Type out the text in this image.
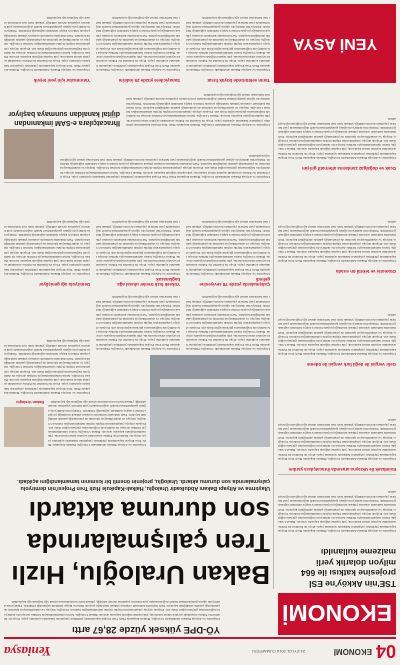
04
EKONOMİ
24 EYLÜL 2016 CUMARTESİ
Yeniasya
EKONOMİ
YÖ-DPE yüksek yüzde 28,67 arttı
Ulaştırma ve Altyapı Bakanı Abdulkadir Uraloğlu, Halkalı-Kapıkule Hızlı Tren Projesi kapsamında yürütülen çalışmalar hakkında açıklama yaptı. Proje ile İstanbul ile Edirne arasındaki seyahat süresi kısalacak, yük taşımacılığında kapasite artacak. Bakan Uraloğlu, hattın tamamlanmasıyla birlikte Avrupa ile demiryolu bağlantısının güçleneceğini ifade etti. Projede altyapı çalışmalarının büyük ölçüde tamamlandığını belirten Uraloğlu, üstyapı ve elektrifikasyon işlerinin de planlandığı şekilde sürdüğünü kaydetti. Yerli malzeme kullanım oranının yüksek tutulduğu projede binlerce kişiye istihdam sağlandığı bildirildi. Türkiye'nin demiryolu ağının genişletilmesi hedefi doğrultusunda yeni hatların yapımına devam edildiği, yüksek hızlı tren hatlarının ulusal ağa bağlanacağı kaydedildi.
TSE'nin Akköy'ne ESİ projesine katkısı ile 664 milyon dolarlık yerli malzeme kullanıldı
Ulaştırma ve Altyapı Bakanı Abdulkadir Uraloğlu, Halkalı-Kapıkule Hızlı Tren Projesi kapsamında yürütülen çalışmalar hakkında açıklama yaptı. Proje ile İstanbul ile Edirne arasındaki seyahat süresi kısalacak, yük taşımacılığında kapasite artacak. Bakan Uraloğlu, hattın tamamlanmasıyla birlikte Avrupa ile demiryolu bağlantısının güçleneceğini ifade etti. Projede altyapı çalışmalarının büyük ölçüde tamamlandığını belirten Uraloğlu, üstyapı ve elektrifikasyon işlerinin de planlandığı şekilde sürdüğünü kaydetti. Yerli malzeme kullanım oranının yüksek tutulduğu projede binlerce kişiye istihdam sağlandığı bildirildi. Türkiye'nin demiryolu ağının genişletilmesi hedefi doğrultusunda yeni hatların yapımına devam edildiği, yüksek hızlı tren hatlarının ulusal ağa bağlanacağı kaydedildi.
Eximbank ile Ukrayna arasında ihracatçılara yardım
Ulaştırma ve Altyapı Bakanı Abdulkadir Uraloğlu, Halkalı-Kapıkule Hızlı Tren Projesi kapsamında yürütülen çalışmalar hakkında açıklama yaptı. Proje ile İstanbul ile Edirne arasındaki seyahat süresi kısalacak, yük taşımacılığında kapasite artacak. Bakan Uraloğlu, hattın tamamlanmasıyla birlikte Avrupa ile demiryolu bağlantısının güçleneceğini ifade etti. Projede altyapı çalışmalarının büyük ölçüde tamamlandığını belirten Uraloğlu, üstyapı ve elektrifikasyon işlerinin de planlandığı şekilde sürdüğünü kaydetti. Yerli malzeme kullanım oranının yüksek tutulduğu projede binlerce kişiye istihdam sağlandığı bildirildi. Türkiye'nin demiryolu ağının genişletilmesi hedefi doğrultusunda yeni hatların yapımına devam edildiği, yüksek hızlı tren hatlarının ulusal ağa bağlanacağı kaydedildi.
Gelir vergisi ile değil fark vergisi ile ödeme
Ulaştırma ve Altyapı Bakanı Abdulkadir Uraloğlu, Halkalı-Kapıkule Hızlı Tren Projesi kapsamında yürütülen çalışmalar hakkında açıklama yaptı. Proje ile İstanbul ile Edirne arasındaki seyahat süresi kısalacak, yük taşımacılığında kapasite artacak. Bakan Uraloğlu, hattın tamamlanmasıyla birlikte Avrupa ile demiryolu bağlantısının güçleneceğini ifade etti. Projede altyapı çalışmalarının büyük ölçüde tamamlandığını belirten Uraloğlu, üstyapı ve elektrifikasyon işlerinin de planlandığı şekilde sürdüğünü kaydetti. Yerli malzeme kullanım oranının yüksek tutulduğu projede binlerce kişiye istihdam sağlandığı bildirildi. Türkiye'nin demiryolu ağının genişletilmesi hedefi doğrultusunda yeni hatların yapımına devam edildiği, yüksek hızlı tren hatlarının ulusal ağa bağlanacağı kaydedildi.
Otomotiv ve tekstil ön sırada
Ulaştırma ve Altyapı Bakanı Abdulkadir Uraloğlu, Halkalı-Kapıkule Hızlı Tren Projesi kapsamında yürütülen çalışmalar hakkında açıklama yaptı. Proje ile İstanbul ile Edirne arasındaki seyahat süresi kısalacak, yük taşımacılığında kapasite artacak. Bakan Uraloğlu, hattın tamamlanmasıyla birlikte Avrupa ile demiryolu bağlantısının güçleneceğini ifade etti. Projede altyapı çalışmalarının büyük ölçüde tamamlandığını belirten Uraloğlu, üstyapı ve elektrifikasyon işlerinin de planlandığı şekilde sürdüğünü kaydetti. Yerli malzeme kullanım oranının yüksek tutulduğu projede binlerce kişiye istihdam sağlandığı bildirildi. Türkiye'nin demiryolu ağının genişletilmesi hedefi doğrultusunda yeni hatların yapımına devam edildiği, yüksek hızlı tren hatlarının ulusal ağa bağlanacağı kaydedildi.
Ocak ve doğalgaz zamlarına alternatif girişim
Ulaştırma ve Altyapı Bakanı Abdulkadir Uraloğlu, Halkalı-Kapıkule Hızlı Tren Projesi kapsamında yürütülen çalışmalar hakkında açıklama yaptı. Proje ile İstanbul ile Edirne arasındaki seyahat süresi kısalacak, yük taşımacılığında kapasite artacak. Bakan Uraloğlu, hattın tamamlanmasıyla birlikte Avrupa ile demiryolu bağlantısının güçleneceğini ifade etti. Projede altyapı çalışmalarının büyük ölçüde tamamlandığını belirten Uraloğlu, üstyapı ve elektrifikasyon işlerinin de planlandığı şekilde sürdüğünü kaydetti. Yerli malzeme kullanım oranının yüksek tutulduğu projede binlerce kişiye istihdam sağlandığı bildirildi. Türkiye'nin demiryolu ağının genişletilmesi hedefi doğrultusunda yeni hatların yapımına devam edildiği, yüksek hızlı tren hatlarının ulusal ağa bağlanacağı kaydedildi.
Bakan Uraloğlu, Hızlı
Tren çalışmalarında
son duruma aktardı
Ulaştırma ve Altyapı Bakanı Abdulkadir Uraloğlu, Halkalı-Kapıkule Hızlı Tren Projesi'nin demiryolu çalışmalarında son durumu aktardı. Uraloğlu, projenin önemli bir kısmının tamamlandığını açıkladı.
Bakan Uraloğlu
Ulaştırma ve Altyapı Bakanı Abdulkadir Uraloğlu, Halkalı-Kapıkule Hızlı Tren Projesi kapsamında yürütülen çalışmalar hakkında açıklama yaptı. Proje ile İstanbul ile Edirne arasındaki seyahat süresi kısalacak, yük taşımacılığında kapasite artacak. Bakan Uraloğlu, hattın tamamlanmasıyla birlikte Avrupa ile demiryolu bağlantısının güçleneceğini ifade etti. Projede altyapı çalışmalarının büyük ölçüde tamamlandığını belirten Uraloğlu, üstyapı ve elektrifikasyon işlerinin de planlandığı şekilde sürdüğünü kaydetti. Yerli malzeme kullanım oranının yüksek tutulduğu projede binlerce kişiye istihdam sağlandığı bildirildi. Türkiye'nin demiryolu ağının genişletilmesi hedefi doğrultusunda yeni hatların yapımına devam edildiği, yüksek hızlı tren hatlarının ulusal ağa bağlanacağı kaydedildi.
Ulaştırma ve Altyapı Bakanı Abdulkadir Uraloğlu, Halkalı-Kapıkule Hızlı Tren Projesi kapsamında yürütülen çalışmalar hakkında açıklama yaptı. Proje ile İstanbul ile Edirne arasındaki seyahat süresi kısalacak, yük taşımacılığında kapasite artacak. Bakan Uraloğlu, hattın tamamlanmasıyla birlikte Avrupa ile demiryolu bağlantısının güçleneceğini ifade etti. Projede altyapı çalışmalarının büyük ölçüde tamamlandığını belirten Uraloğlu, üstyapı ve elektrifikasyon işlerinin de planlandığı şekilde sürdüğünü kaydetti. Yerli malzeme kullanım oranının yüksek tutulduğu projede binlerce kişiye istihdam sağlandığı bildirildi. Türkiye'nin demiryolu ağının genişletilmesi hedefi doğrultusunda yeni hatların yapımına devam edildiği, yüksek hızlı tren hatlarının ulusal ağa bağlanacağı kaydedildi.
Ulaştırma ve Altyapı Bakanı Abdulkadir Uraloğlu, Halkalı-Kapıkule Hızlı Tren Projesi kapsamında yürütülen çalışmalar hakkında açıklama yaptı. Proje ile İstanbul ile Edirne arasındaki seyahat süresi kısalacak, yük taşımacılığında kapasite artacak. Bakan Uraloğlu, hattın tamamlanmasıyla birlikte Avrupa ile demiryolu bağlantısının güçleneceğini ifade etti. Projede altyapı çalışmalarının büyük ölçüde tamamlandığını belirten Uraloğlu, üstyapı ve elektrifikasyon işlerinin de planlandığı şekilde sürdüğünü kaydetti. Yerli malzeme kullanım oranının yüksek tutulduğu projede binlerce kişiye istihdam sağlandığı bildirildi. Türkiye'nin demiryolu ağının genişletilmesi hedefi doğrultusunda yeni hatların yapımına devam edildiği, yüksek hızlı tren hatlarının ulusal ağa bağlanacağı kaydedildi.
Ulaştırma ve Altyapı Bakanı Abdulkadir Uraloğlu, Halkalı-Kapıkule Hızlı Tren Projesi kapsamında yürütülen çalışmalar hakkında açıklama yaptı. Proje ile İstanbul ile Edirne arasındaki seyahat süresi kısalacak, yük taşımacılığında kapasite artacak. Bakan Uraloğlu, hattın tamamlanmasıyla birlikte Avrupa ile demiryolu bağlantısının güçleneceğini ifade etti. Projede altyapı çalışmalarının büyük ölçüde tamamlandığını belirten Uraloğlu, üstyapı ve elektrifikasyon işlerinin de planlandığı şekilde sürdüğünü kaydetti. Yerli malzeme kullanım oranının yüksek tutulduğu projede binlerce kişiye istihdam sağlandığı bildirildi. Türkiye'nin demiryolu ağının genişletilmesi hedefi doğrultusunda yeni hatların yapımına devam edildiği, yüksek hızlı tren hatlarının ulusal ağa bağlanacağı kaydedildi.
Çalışmalarda yüzde 78 seviyesine gelindi
Ulaştırma ve Altyapı Bakanı Abdulkadir Uraloğlu, Halkalı-Kapıkule Hızlı Tren Projesi kapsamında yürütülen çalışmalar hakkında açıklama yaptı. Proje ile İstanbul ile Edirne arasındaki seyahat süresi kısalacak, yük taşımacılığında kapasite artacak. Bakan Uraloğlu, hattın tamamlanmasıyla birlikte Avrupa ile demiryolu bağlantısının güçleneceğini ifade etti. Projede altyapı çalışmalarının büyük ölçüde tamamlandığını belirten Uraloğlu, üstyapı ve elektrifikasyon işlerinin de planlandığı şekilde sürdüğünü kaydetti. Yerli malzeme kullanım oranının yüksek tutulduğu projede binlerce kişiye istihdam sağlandığı bildirildi. Türkiye'nin demiryolu ağının genişletilmesi hedefi doğrultusunda yeni hatların yapımına devam edildiği, yüksek hızlı tren hatlarının ulusal ağa bağlanacağı kaydedildi.
Yüksek hızlı trenler ulusal ağa bağlanacak
Ulaştırma ve Altyapı Bakanı Abdulkadir Uraloğlu, Halkalı-Kapıkule Hızlı Tren Projesi kapsamında yürütülen çalışmalar hakkında açıklama yaptı. Proje ile İstanbul ile Edirne arasındaki seyahat süresi kısalacak, yük taşımacılığında kapasite artacak. Bakan Uraloğlu, hattın tamamlanmasıyla birlikte Avrupa ile demiryolu bağlantısının güçleneceğini ifade etti. Projede altyapı çalışmalarının büyük ölçüde tamamlandığını belirten Uraloğlu, üstyapı ve elektrifikasyon işlerinin de planlandığı şekilde sürdüğünü kaydetti. Yerli malzeme kullanım oranının yüksek tutulduğu projede binlerce kişiye istihdam sağlandığı bildirildi. Türkiye'nin demiryolu ağının genişletilmesi hedefi doğrultusunda yeni hatların yapımına devam edildiği, yüksek hızlı tren hatlarının ulusal ağa bağlanacağı kaydedildi.
Demiryolu ağı genişliyor
Ulaştırma ve Altyapı Bakanı Abdulkadir Uraloğlu, Halkalı-Kapıkule Hızlı Tren Projesi kapsamında yürütülen çalışmalar hakkında açıklama yaptı. Proje ile İstanbul ile Edirne arasındaki seyahat süresi kısalacak, yük taşımacılığında kapasite artacak. Bakan Uraloğlu, hattın tamamlanmasıyla birlikte Avrupa ile demiryolu bağlantısının güçleneceğini ifade etti. Projede altyapı çalışmalarının büyük ölçüde tamamlandığını belirten Uraloğlu, üstyapı ve elektrifikasyon işlerinin de planlandığı şekilde sürdüğünü kaydetti. Yerli malzeme kullanım oranının yüksek tutulduğu projede binlerce kişiye istihdam sağlandığı bildirildi. Türkiye'nin demiryolu ağının genişletilmesi hedefi doğrultusunda yeni hatların yapımına devam edildiği, yüksek hızlı tren hatlarının ulusal ağa bağlanacağı kaydedildi.
İhracatçılara e-SAM imkanından dijital kanaldan sunmaya başlıyor
Ulaştırma ve Altyapı Bakanı Abdulkadir Uraloğlu, Halkalı-Kapıkule Hızlı Tren Projesi kapsamında yürütülen çalışmalar hakkında açıklama yaptı. Proje ile İstanbul ile Edirne arasındaki seyahat süresi kısalacak, yük taşımacılığında kapasite artacak. Bakan Uraloğlu, hattın tamamlanmasıyla birlikte Avrupa ile demiryolu bağlantısının güçleneceğini ifade etti. Projede altyapı çalışmalarının büyük ölçüde tamamlandığını belirten Uraloğlu, üstyapı ve elektrifikasyon işlerinin de planlandığı şekilde sürdüğünü kaydetti. Yerli malzeme kullanım oranının yüksek tutulduğu projede binlerce kişiye istihdam sağlandığı bildirildi. Türkiye'nin demiryolu ağının genişletilmesi hedefi doğrultusunda yeni hatların yapımına devam edildiği, yüksek hızlı tren hatlarının ulusal ağa bağlanacağı kaydedildi.
Ulaştırma ve Altyapı Bakanı Abdulkadir Uraloğlu, Halkalı-Kapıkule Hızlı Tren Projesi kapsamında yürütülen çalışmalar hakkında açıklama yaptı. Proje ile İstanbul ile Edirne arasındaki seyahat süresi kısalacak, yük taşımacılığında kapasite artacak. Bakan Uraloğlu, hattın tamamlanmasıyla birlikte Avrupa ile demiryolu bağlantısının güçleneceğini ifade etti. Projede altyapı çalışmalarının büyük ölçüde tamamlandığını belirten Uraloğlu, üstyapı ve elektrifikasyon işlerinin de planlandığı şekilde sürdüğünü kaydetti. Yerli malzeme kullanım oranının yüksek tutulduğu projede binlerce kişiye istihdam sağlandığı bildirildi. Türkiye'nin demiryolu ağının genişletilmesi hedefi doğrultusunda yeni hatların yapımına devam edildiği, yüksek hızlı tren hatlarının ulusal ağa bağlanacağı kaydedildi.
YENİ ASYA
Tarım sektöründe büyük fırsat
Ulaştırma ve Altyapı Bakanı Abdulkadir Uraloğlu, Halkalı-Kapıkule Hızlı Tren Projesi kapsamında yürütülen çalışmalar hakkında açıklama yaptı. Proje ile İstanbul ile Edirne arasındaki seyahat süresi kısalacak, yük taşımacılığında kapasite artacak. Bakan Uraloğlu, hattın tamamlanmasıyla birlikte Avrupa ile demiryolu bağlantısının güçleneceğini ifade etti. Projede altyapı çalışmalarının büyük ölçüde tamamlandığını belirten Uraloğlu, üstyapı ve elektrifikasyon işlerinin de planlandığı şekilde sürdüğünü kaydetti. Yerli malzeme kullanım oranının yüksek tutulduğu projede binlerce kişiye istihdam sağlandığı bildirildi. Türkiye'nin demiryolu ağının genişletilmesi hedefi doğrultusunda yeni hatların yapımına devam edildiği, yüksek hızlı tren hatlarının ulusal ağa bağlanacağı kaydedildi.
Sanayicilere yüzde 25 indirim
Ulaştırma ve Altyapı Bakanı Abdulkadir Uraloğlu, Halkalı-Kapıkule Hızlı Tren Projesi kapsamında yürütülen çalışmalar hakkında açıklama yaptı. Proje ile İstanbul ile Edirne arasındaki seyahat süresi kısalacak, yük taşımacılığında kapasite artacak. Bakan Uraloğlu, hattın tamamlanmasıyla birlikte Avrupa ile demiryolu bağlantısının güçleneceğini ifade etti. Projede altyapı çalışmalarının büyük ölçüde tamamlandığını belirten Uraloğlu, üstyapı ve elektrifikasyon işlerinin de planlandığı şekilde sürdüğünü kaydetti. Yerli malzeme kullanım oranının yüksek tutulduğu projede binlerce kişiye istihdam sağlandığı bildirildi. Türkiye'nin demiryolu ağının genişletilmesi hedefi doğrultusunda yeni hatların yapımına devam edildiği, yüksek hızlı tren hatlarının ulusal ağa bağlanacağı kaydedildi.
Yatırımcılar için yeni teşvik
Ulaştırma ve Altyapı Bakanı Abdulkadir Uraloğlu, Halkalı-Kapıkule Hızlı Tren Projesi kapsamında yürütülen çalışmalar hakkında açıklama yaptı. Proje ile İstanbul ile Edirne arasındaki seyahat süresi kısalacak, yük taşımacılığında kapasite artacak. Bakan Uraloğlu, hattın tamamlanmasıyla birlikte Avrupa ile demiryolu bağlantısının güçleneceğini ifade etti. Projede altyapı çalışmalarının büyük ölçüde tamamlandığını belirten Uraloğlu, üstyapı ve elektrifikasyon işlerinin de planlandığı şekilde sürdüğünü kaydetti. Yerli malzeme kullanım oranının yüksek tutulduğu projede binlerce kişiye istihdam sağlandığı bildirildi. Türkiye'nin demiryolu ağının genişletilmesi hedefi doğrultusunda yeni hatların yapımına devam edildiği, yüksek hızlı tren hatlarının ulusal ağa bağlanacağı kaydedildi.
